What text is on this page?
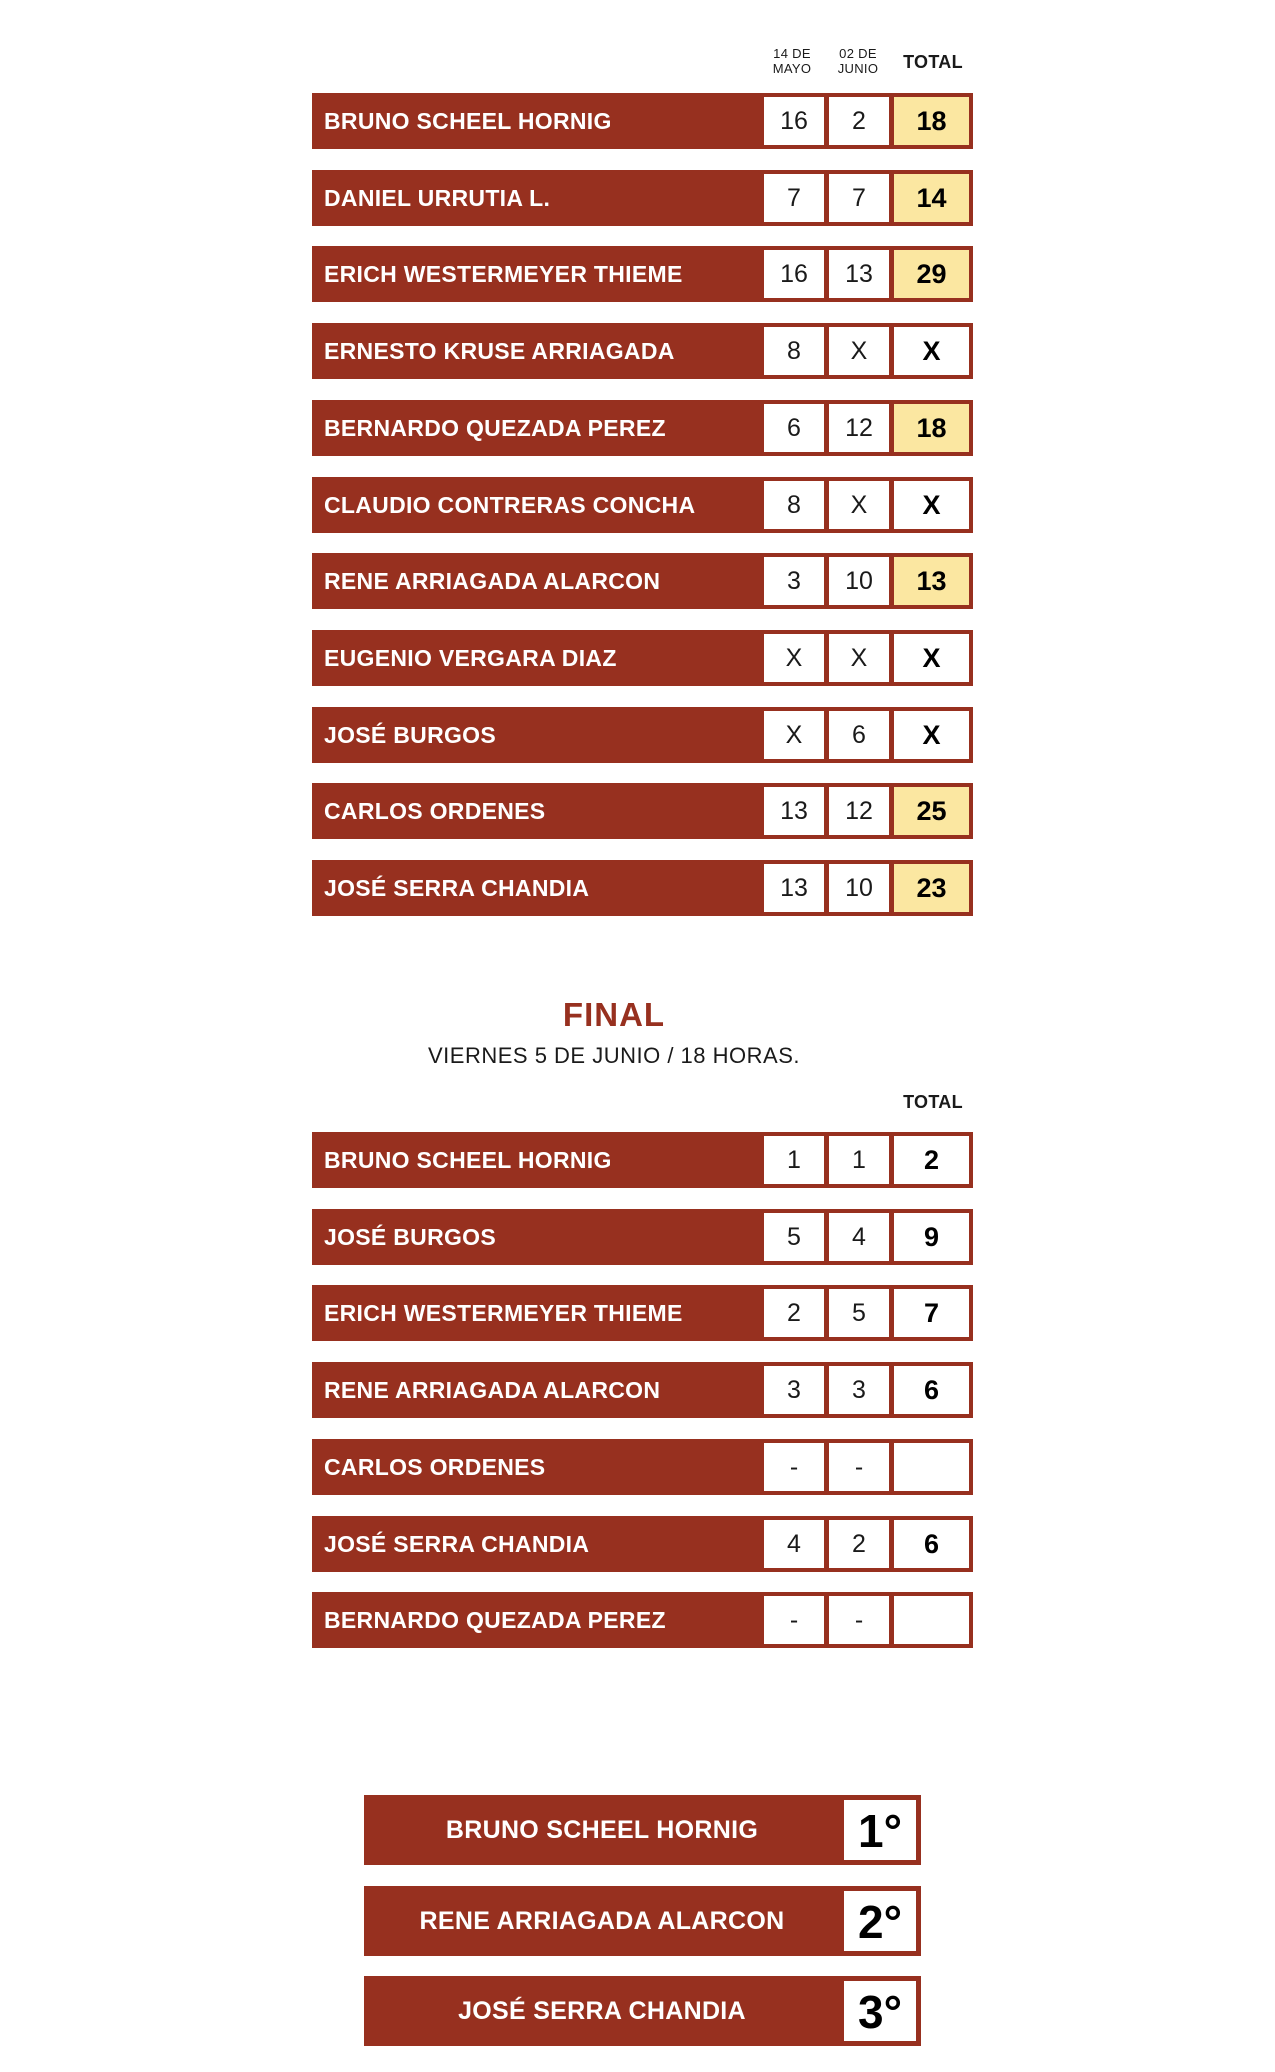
14 DE MAYO
02 DE JUNIO	TOTAL
BRUNO SCHEEL HORNIG	16	2	18
DANIEL URRUTIA L.	7	7	14
ERICH WESTERMEYER THIEME	16	13	29
ERNESTO KRUSE ARRIAGADA	8	X	X
BERNARDO QUEZADA PEREZ	6	12	18
CLAUDIO CONTRERAS CONCHA	8	X	X
RENE ARRIAGADA ALARCON	3	10	13
EUGENIO VERGARA DIAZ	X	X	X
JOSÉ BURGOS	X	6	X
CARLOS ORDENES	13	12	25
JOSÉ SERRA CHANDIA	13	10	23
FINAL
VIERNES 5 DE JUNIO / 18 HORAS.
TOTAL
BRUNO SCHEEL HORNIG	1	1	2
JOSÉ BURGOS	5	4	9
ERICH WESTERMEYER THIEME	2	5	7
RENE ARRIAGADA ALARCON	3	3	6
CARLOS ORDENES	-	-
JOSÉ SERRA CHANDIA	4	2	6
BERNARDO QUEZADA PEREZ	-	-
BRUNO SCHEEL HORNIG	1°
RENE ARRIAGADA ALARCON	2°
JOSÉ SERRA CHANDIA	3°
